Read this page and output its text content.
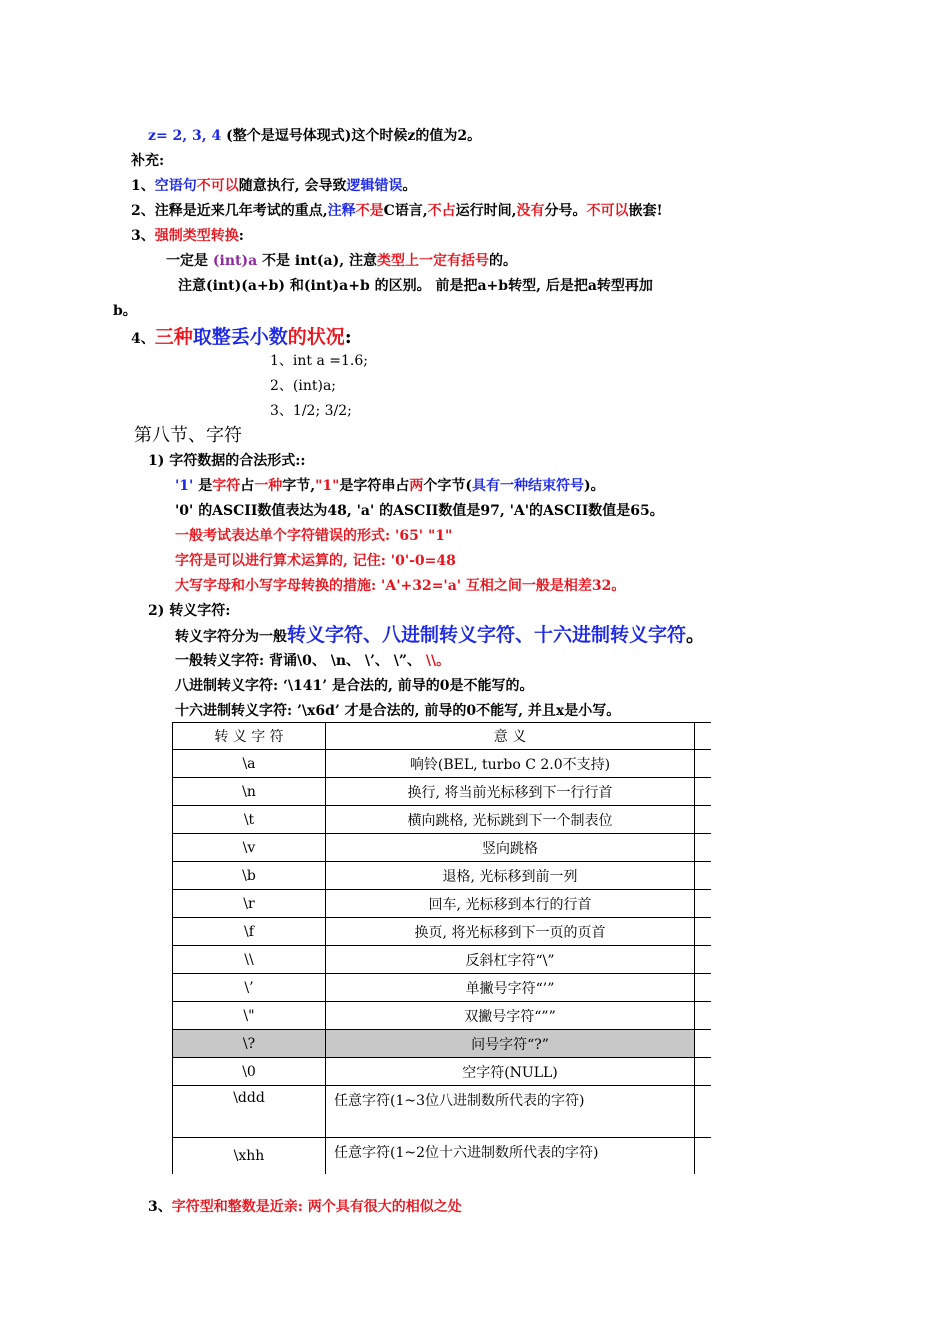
z= 2, 3, 4 (整个是逗号体现式)这个时候z的值为2。
补充:
1、空语句不可以随意执行, 会导致逻辑错误。
2、注释是近来几年考试的重点,注释不是C语言,不占运行时间,没有分号。不可以嵌套!
3、强制类型转换:
一定是 (int)a 不是 int(a), 注意类型上一定有括号的。
注意(int)(a+b) 和(int)a+b 的区别。 前是把a+b转型, 后是把a转型再加
b。
4、三种取整丢小数的状况:
1、int a =1.6;
2、(int)a;
3、1/2; 3/2;
第八节、字符
1) 字符数据的合法形式::
'1' 是字符占一种字节,"1"是字符串占两个字节(具有一种结束符号)。
'0' 的ASCII数值表达为48, 'a' 的ASCII数值是97, 'A'的ASCII数值是65。
一般考试表达单个字符错误的形式: '65' "1"
字符是可以进行算术运算的, 记住: '0'-0=48
大写字母和小写字母转换的措施: 'A'+32='a' 互相之间一般是相差32。
2) 转义字符:
转义字符分为一般转义字符、八进制转义字符、十六进制转义字符。
一般转义字符: 背诵\0、 \n、 \’、 \”、 \\。
八进制转义字符: ‘\141’ 是合法的, 前导的0是不能写的。
十六进制转义字符: ’\x6d’ 才是合法的, 前导的0不能写, 并且x是小写。
转 义 字 符	意 义	
\a	响铃(BEL, turbo C 2.0不支持)	
\n	换行, 将当前光标移到下一行行首	
\t	横向跳格, 光标跳到下一个制表位	
\v	竖向跳格	
\b	退格, 光标移到前一列	
\r	回车, 光标移到本行的行首	
\f	换页, 将光标移到下一页的页首	
\\	反斜杠字符“\”	
\’	单撇号字符“’”	
\"	双撇号字符“””	
\?	问号字符“?”	
\0	空字符(NULL)	
\ddd	任意字符(1~3位八进制数所代表的字符)	
\xhh	任意字符(1~2位十六进制数所代表的字符)	
3、字符型和整数是近亲: 两个具有很大的相似之处
